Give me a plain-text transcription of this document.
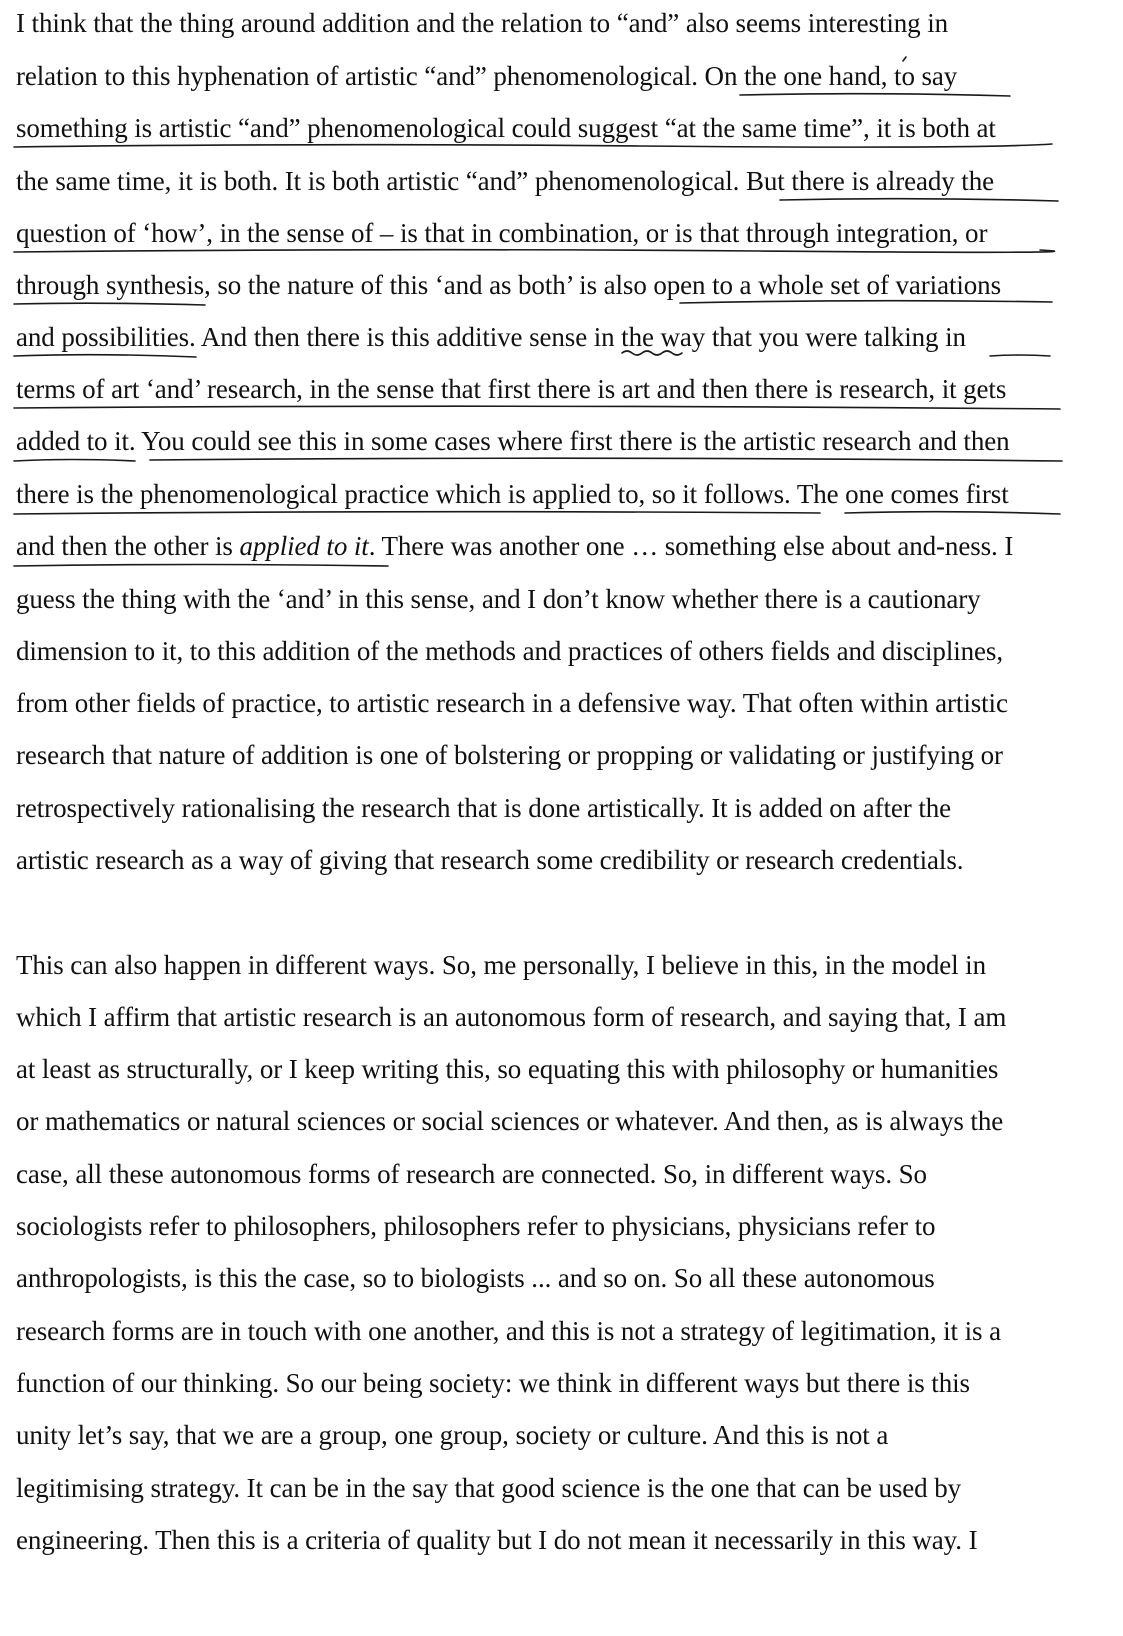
I think that the thing around addition and the relation to “and” also seems interesting in

relation to this hyphenation of artistic “and” phenomenological. On the one hand, to say

something is artistic “and” phenomenological could suggest “at the same time”, it is both at

the same time, it is both. It is both artistic “and” phenomenological. But there is already the

question of ‘how’, in the sense of – is that in combination, or is that through integration, or

through synthesis, so the nature of this ‘and as both’ is also open to a whole set of variations

and possibilities. And then there is this additive sense in the way that you were talking in

terms of art ‘and’ research, in the sense that first there is art and then there is research, it gets

added to it. You could see this in some cases where first there is the artistic research and then

there is the phenomenological practice which is applied to, so it follows. The one comes first

and then the other is applied to it. There was another one … something else about and-ness. I

guess the thing with the ‘and’ in this sense, and I don’t know whether there is a cautionary

dimension to it, to this addition of the methods and practices of others fields and disciplines,

from other fields of practice, to artistic research in a defensive way. That often within artistic

research that nature of addition is one of bolstering or propping or validating or justifying or

retrospectively rationalising the research that is done artistically. It is added on after the

artistic research as a way of giving that research some credibility or research credentials.

This can also happen in different ways. So, me personally, I believe in this, in the model in

which I affirm that artistic research is an autonomous form of research, and saying that, I am

at least as structurally, or I keep writing this, so equating this with philosophy or humanities

or mathematics or natural sciences or social sciences or whatever. And then, as is always the

case, all these autonomous forms of research are connected. So, in different ways. So

sociologists refer to philosophers, philosophers refer to physicians, physicians refer to

anthropologists, is this the case, so to biologists ... and so on. So all these autonomous

research forms are in touch with one another, and this is not a strategy of legitimation, it is a

function of our thinking. So our being society: we think in different ways but there is this

unity let’s say, that we are a group, one group, society or culture. And this is not a

legitimising strategy. It can be in the say that good science is the one that can be used by

engineering. Then this is a criteria of quality but I do not mean it necessarily in this way. I
